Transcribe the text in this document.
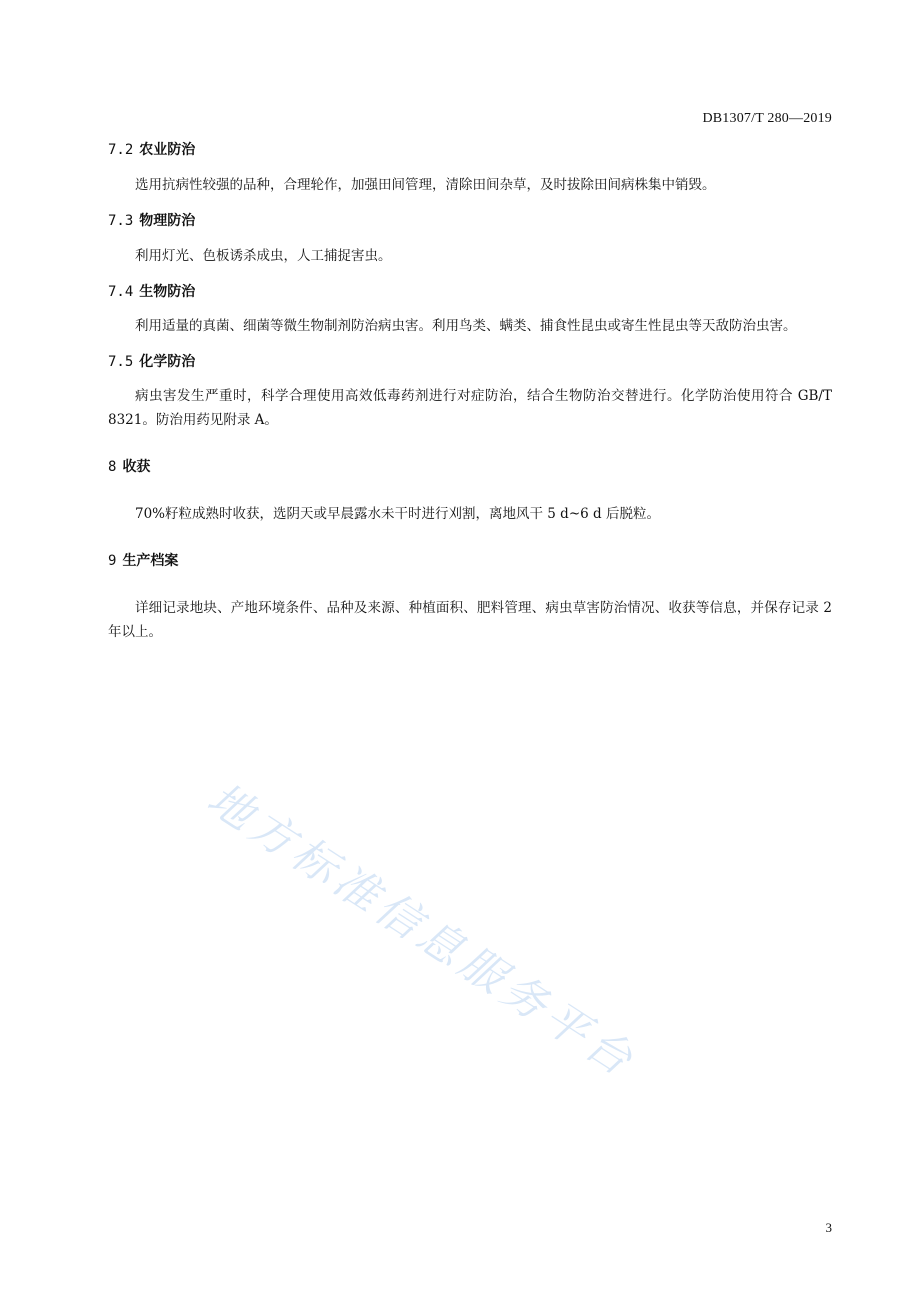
DB1307/T 280—2019

7.2 农业防治

选用抗病性较强的品种，合理轮作，加强田间管理，清除田间杂草，及时拔除田间病株集中销毁。

7.3 物理防治

利用灯光、色板诱杀成虫，人工捕捉害虫。

7.4 生物防治

利用适量的真菌、细菌等微生物制剂防治病虫害。利用鸟类、螨类、捕食性昆虫或寄生性昆虫等天敌防治虫害。

7.5 化学防治

病虫害发生严重时，科学合理使用高效低毒药剂进行对症防治，结合生物防治交替进行。化学防治使用符合 GB/T 8321。防治用药见附录 A。

8 收获

70%籽粒成熟时收获，选阴天或早晨露水未干时进行刈割，离地风干 5 d~6 d 后脱粒。

9 生产档案

详细记录地块、产地环境条件、品种及来源、种植面积、肥料管理、病虫草害防治情况、收获等信息，并保存记录 2 年以上。

地方标准信息服务平台
3
